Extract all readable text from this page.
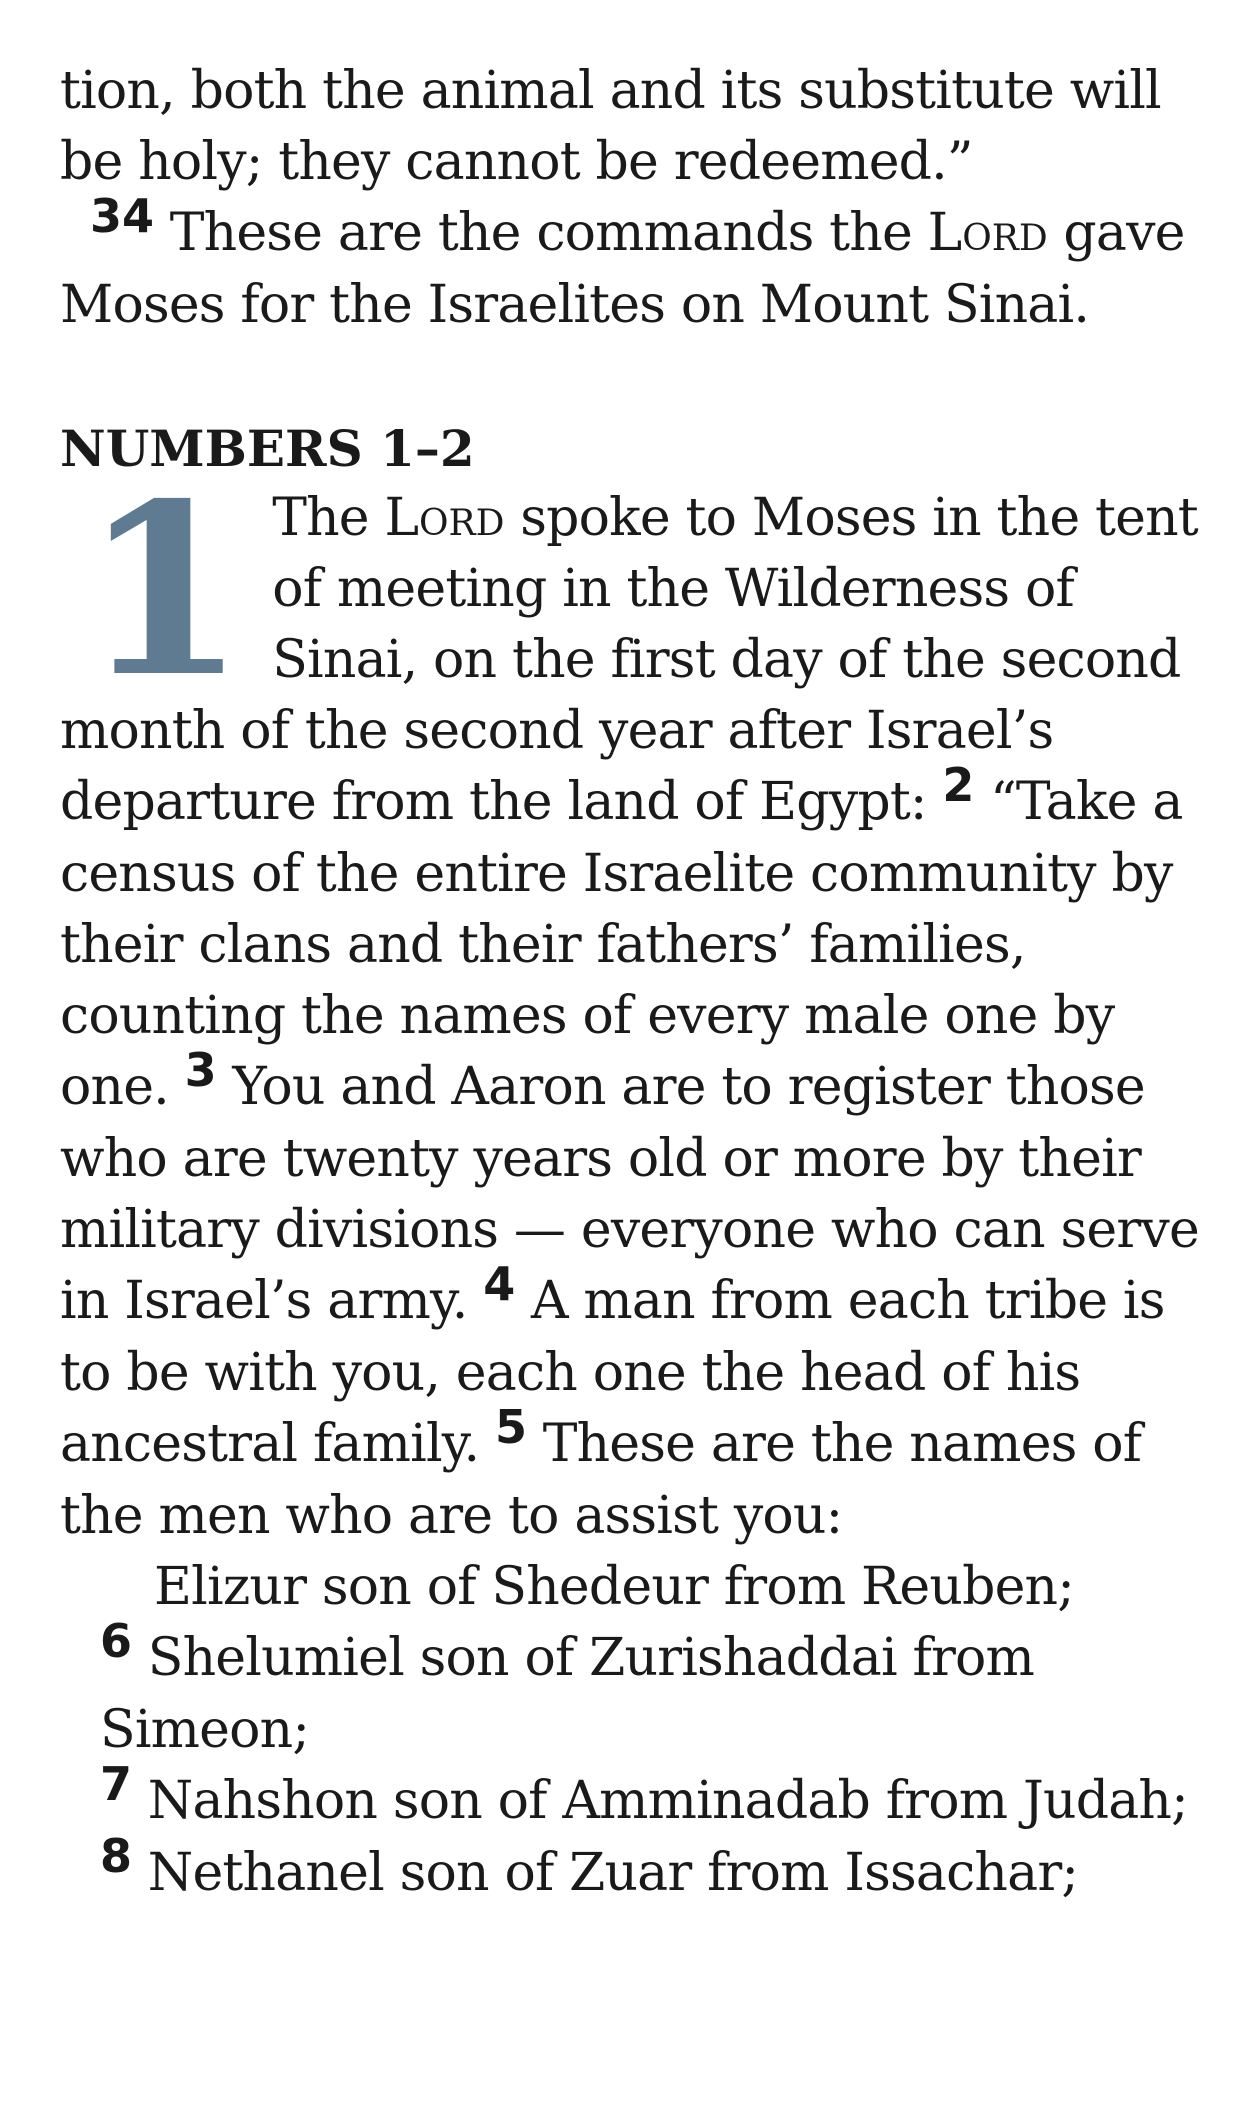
tion, both the animal and its substitute will be holy; they cannot be redeemed.”
34 These are the commands the Lord gave Moses for the Israelites on Mount Sinai.

NUMBERS 1–2
1 The Lord spoke to Moses in the tent of meeting in the Wilderness of Sinai, on the first day of the second month of the second year after Israel’s departure from the land of Egypt: 2 “Take a census of the entire Israelite community by their clans and their fathers’ families, counting the names of every male one by one. 3 You and Aaron are to register those who are twenty years old or more by their military divisions — everyone who can serve in Israel’s army. 4 A man from each tribe is to be with you, each one the head of his ancestral family. 5 These are the names of the men who are to assist you:

Elizur son of Shedeur from Reuben;

6 Shelumiel son of Zurishaddai from Simeon;

7 Nahshon son of Amminadab from Judah;

8 Nethanel son of Zuar from Issachar;
